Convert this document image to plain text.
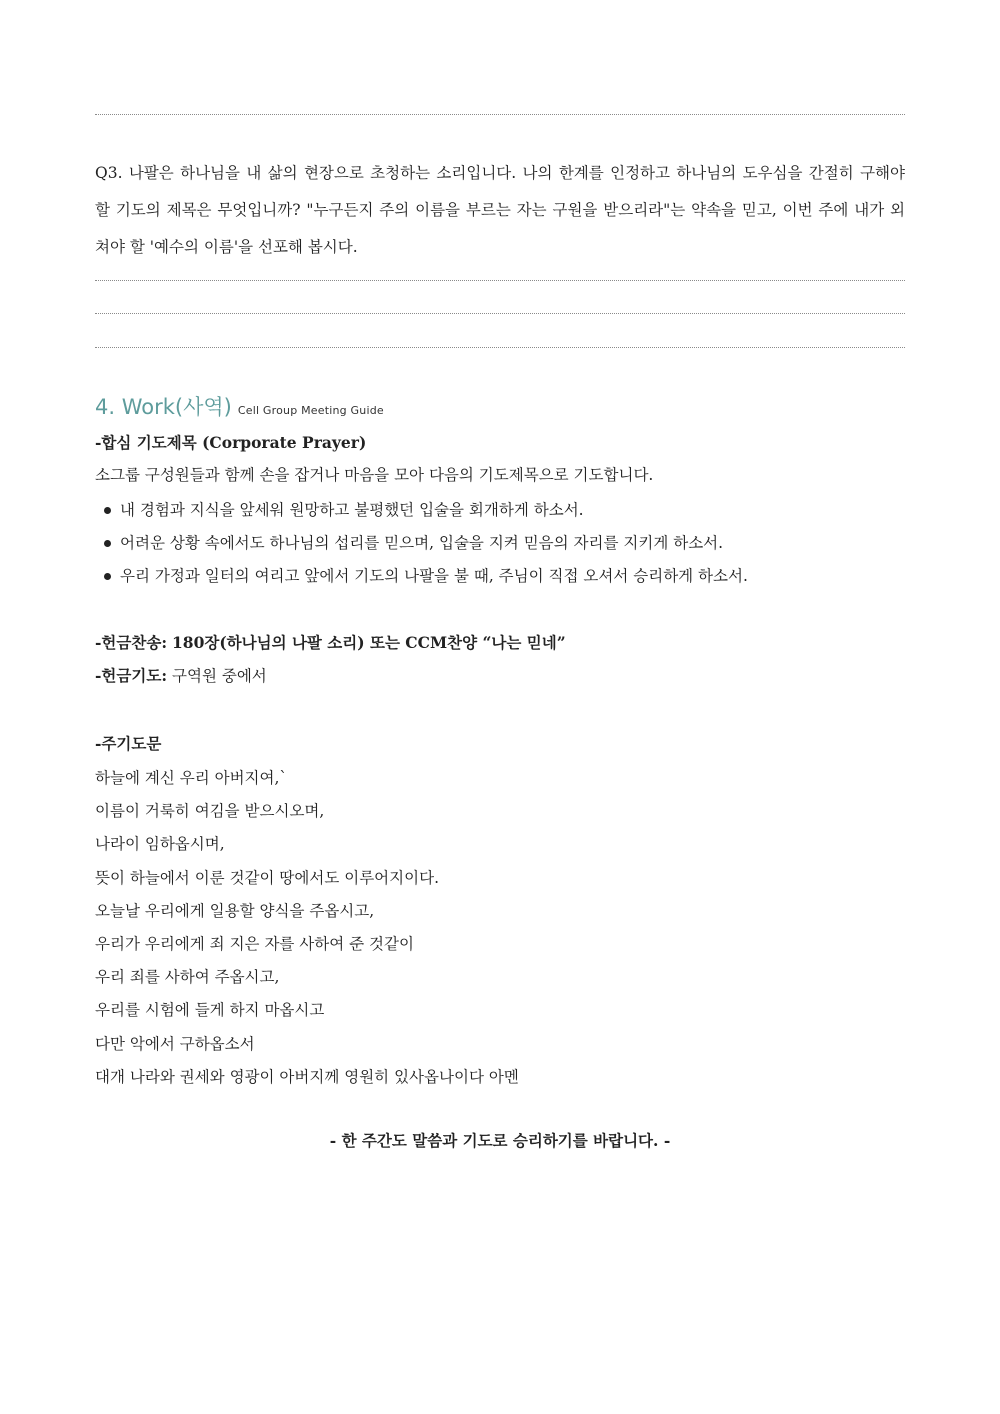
Q3. 나팔은 하나님을 내 삶의 현장으로 초청하는 소리입니다. 나의 한계를 인정하고 하나님의 도우심을 간절히 구해야 할 기도의 제목은 무엇입니까? "누구든지 주의 이름을 부르는 자는 구원을 받으리라"는 약속을 믿고, 이번 주에 내가 외쳐야 할 '예수의 이름'을 선포해 봅시다.

4. Work(사역) Cell Group Meeting Guide

-합심 기도제목 (Corporate Prayer)

소그룹 구성원들과 함께 손을 잡거나 마음을 모아 다음의 기도제목으로 기도합니다.

내 경험과 지식을 앞세워 원망하고 불평했던 입술을 회개하게 하소서.
어려운 상황 속에서도 하나님의 섭리를 믿으며, 입술을 지켜 믿음의 자리를 지키게 하소서.
우리 가정과 일터의 여리고 앞에서 기도의 나팔을 불 때, 주님이 직접 오셔서 승리하게 하소서.

-헌금찬송: 180장(하나님의 나팔 소리) 또는 CCM찬양 “나는 믿네”

-헌금기도: 구역원 중에서

-주기도문

하늘에 계신 우리 아버지여,`
이름이 거룩히 여김을 받으시오며,
나라이 임하옵시며,
뜻이 하늘에서 이룬 것같이 땅에서도 이루어지이다.
오늘날 우리에게 일용할 양식을 주옵시고,
우리가 우리에게 죄 지은 자를 사하여 준 것같이
우리 죄를 사하여 주옵시고,
우리를 시험에 들게 하지 마옵시고
다만 악에서 구하옵소서
대개 나라와 권세와 영광이 아버지께 영원히 있사옵나이다 아멘
- 한 주간도 말씀과 기도로 승리하기를 바랍니다. -
